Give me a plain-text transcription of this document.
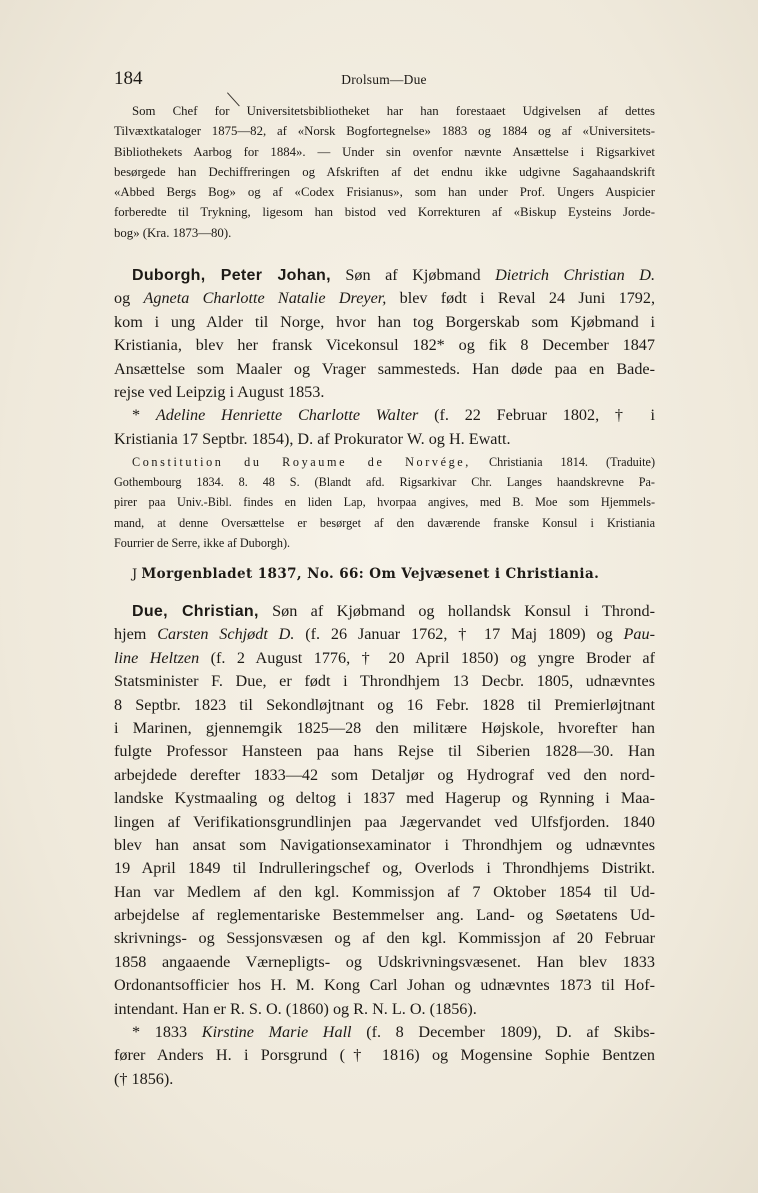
184	Drolsum—Due
Som Chef for Universitetsbibliotheket har han forestaaet Udgivelsen af dettes
Tilvæxtkataloger 1875—82, af «Norsk Bogfortegnelse» 1883 og 1884 og af «Universitets-
Bibliothekets Aarbog for 1884». — Under sin ovenfor nævnte Ansættelse i Rigsarkivet
besørgede han Dechiffreringen og Afskriften af det endnu ikke udgivne Sagahaandskrift
«Abbed Bergs Bog» og af «Codex Frisianus», som han under Prof. Ungers Auspicier
forberedte til Trykning, ligesom han bistod ved Korrekturen af «Biskup Eysteins Jorde-
bog» (Kra. 1873—80).
Duborgh, Peter Johan, Søn af Kjøbmand Dietrich Christian D.
og Agneta Charlotte Natalie Dreyer, blev født i Reval 24 Juni 1792,
kom i ung Alder til Norge, hvor han tog Borgerskab som Kjøbmand i
Kristiania, blev her fransk Vicekonsul 182* og fik 8 December 1847
Ansættelse som Maaler og Vrager sammesteds. Han døde paa en Bade-
rejse ved Leipzig i August 1853.
* Adeline Henriette Charlotte Walter (f. 22 Februar 1802, † i
Kristiania 17 Septbr. 1854), D. af Prokurator W. og H. Ewatt.
Constitution du Royaume de Norvége, Christiania 1814. (Traduite)
Gothembourg 1834. 8. 48 S. (Blandt afd. Rigsarkivar Chr. Langes haandskrevne Pa-
pirer paa Univ.-Bibl. findes en liden Lap, hvorpaa angives, med B. Moe som Hjemmels-
mand, at denne Oversættelse er besørget af den daværende franske Konsul i Kristiania
Fourrier de Serre, ikke af Duborgh).
J Morgenbladet 1837, No. 66: Om Vejvæsenet i Christiania.
Due, Christian, Søn af Kjøbmand og hollandsk Konsul i Thrond-
hjem Carsten Schjødt D. (f. 26 Januar 1762, † 17 Maj 1809) og Pau-
line Heltzen (f. 2 August 1776, † 20 April 1850) og yngre Broder af
Statsminister F. Due, er født i Throndhjem 13 Decbr. 1805, udnævntes
8 Septbr. 1823 til Sekondløjtnant og 16 Febr. 1828 til Premierløjtnant
i Marinen, gjennemgik 1825—28 den militære Højskole, hvorefter han
fulgte Professor Hansteen paa hans Rejse til Siberien 1828—30. Han
arbejdede derefter 1833—42 som Detaljør og Hydrograf ved den nord-
landske Kystmaaling og deltog i 1837 med Hagerup og Rynning i Maa-
lingen af Verifikationsgrundlinjen paa Jægervandet ved Ulfsfjorden. 1840
blev han ansat som Navigationsexaminator i Throndhjem og udnævntes
19 April 1849 til Indrulleringschef og, Overlods i Throndhjems Distrikt.
Han var Medlem af den kgl. Kommissjon af 7 Oktober 1854 til Ud-
arbejdelse af reglementariske Bestemmelser ang. Land- og Søetatens Ud-
skrivnings- og Sessjonsvæsen og af den kgl. Kommissjon af 20 Februar
1858 angaaende Værnepligts- og Udskrivningsvæsenet. Han blev 1833
Ordonantsofficier hos H. M. Kong Carl Johan og udnævntes 1873 til Hof-
intendant. Han er R. S. O. (1860) og R. N. L. O. (1856).
* 1833 Kirstine Marie Hall (f. 8 December 1809), D. af Skibs-
fører Anders H. i Porsgrund († 1816) og Mogensine Sophie Bentzen
(† 1856).
